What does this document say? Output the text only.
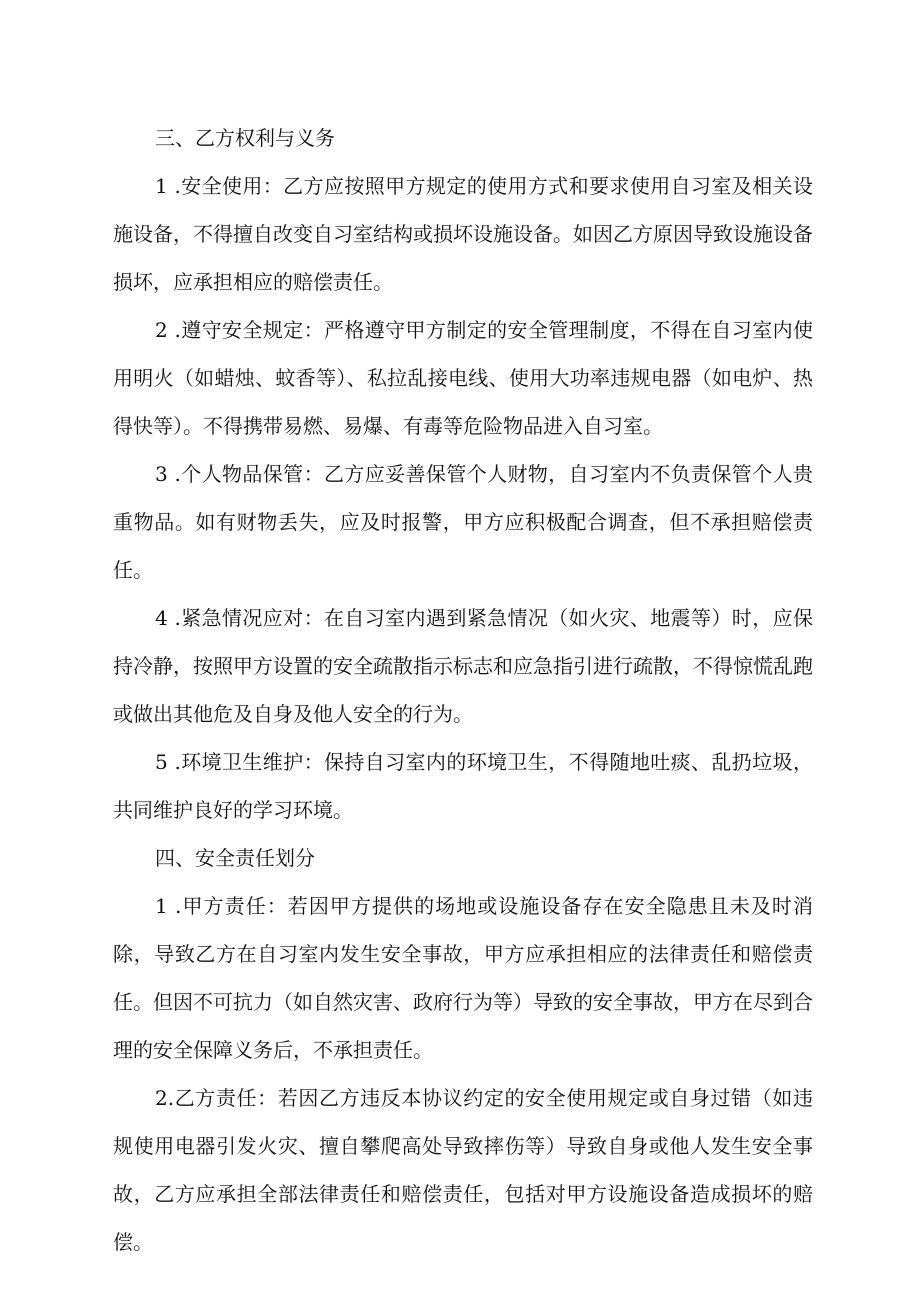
三、乙方权利与义务

1 .安全使用：乙方应按照甲方规定的使用方式和要求使用自习室及相关设施设备，不得擅自改变自习室结构或损坏设施设备。如因乙方原因导致设施设备损坏，应承担相应的赔偿责任。

2 .遵守安全规定：严格遵守甲方制定的安全管理制度，不得在自习室内使用明火（如蜡烛、蚊香等）、私拉乱接电线、使用大功率违规电器（如电炉、热得快等）。不得携带易燃、易爆、有毒等危险物品进入自习室。

3 .个人物品保管：乙方应妥善保管个人财物，自习室内不负责保管个人贵重物品。如有财物丢失，应及时报警，甲方应积极配合调查，但不承担赔偿责任。

4 .紧急情况应对：在自习室内遇到紧急情况（如火灾、地震等）时，应保持冷静，按照甲方设置的安全疏散指示标志和应急指引进行疏散，不得惊慌乱跑或做出其他危及自身及他人安全的行为。

5 .环境卫生维护：保持自习室内的环境卫生，不得随地吐痰、乱扔垃圾，共同维护良好的学习环境。

四、安全责任划分

1 .甲方责任：若因甲方提供的场地或设施设备存在安全隐患且未及时消除，导致乙方在自习室内发生安全事故，甲方应承担相应的法律责任和赔偿责任。但因不可抗力（如自然灾害、政府行为等）导致的安全事故，甲方在尽到合理的安全保障义务后，不承担责任。

2.乙方责任：若因乙方违反本协议约定的安全使用规定或自身过错（如违规使用电器引发火灾、擅自攀爬高处导致摔伤等）导致自身或他人发生安全事故，乙方应承担全部法律责任和赔偿责任，包括对甲方设施设备造成损坏的赔偿。
